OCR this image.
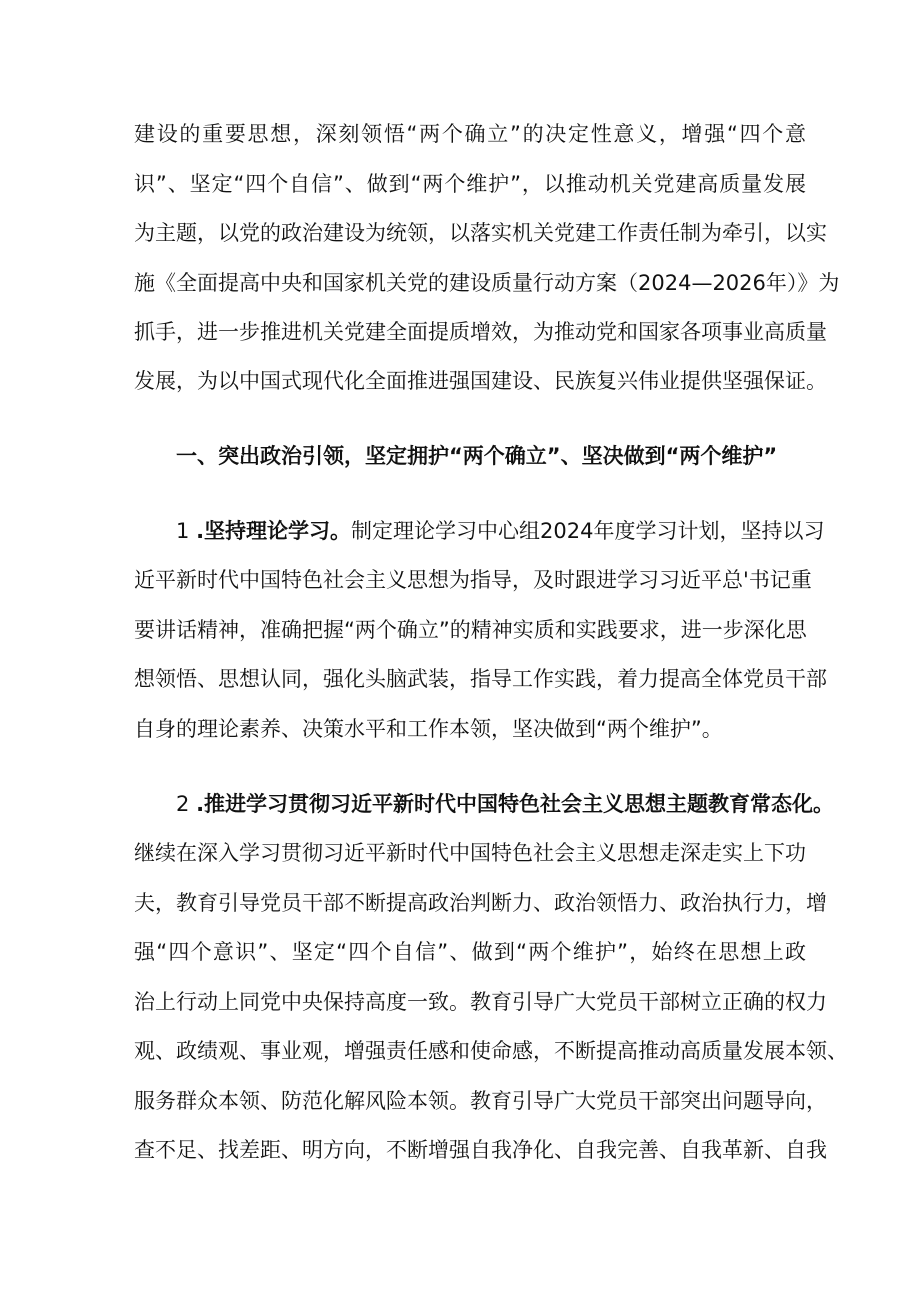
建设的重要思想，深刻领悟“两个确立”的决定性意义，增强“四个意
识”、坚定“四个自信”、做到“两个维护”，以推动机关党建高质量发展
为主题，以党的政治建设为统领，以落实机关党建工作责任制为牵引，以实
施《全面提高中央和国家机关党的建设质量行动方案（2024—2026年）》为
抓手，进一步推进机关党建全面提质增效，为推动党和国家各项事业高质量
发展，为以中国式现代化全面推进强国建设、民族复兴伟业提供坚强保证。
一、突出政治引领，坚定拥护“两个确立”、坚决做到“两个维护”
1 .坚持理论学习。制定理论学习中心组2024年度学习计划，坚持以习
近平新时代中国特色社会主义思想为指导，及时跟进学习习近平总'书记重
要讲话精神，准确把握“两个确立”的精神实质和实践要求，进一步深化思
想领悟、思想认同，强化头脑武装，指导工作实践，着力提高全体党员干部
自身的理论素养、决策水平和工作本领，坚决做到“两个维护”。
2 .推进学习贯彻习近平新时代中国特色社会主义思想主题教育常态化。
继续在深入学习贯彻习近平新时代中国特色社会主义思想走深走实上下功
夫，教育引导党员干部不断提高政治判断力、政治领悟力、政治执行力，增
强“四个意识”、坚定“四个自信”、做到“两个维护”，始终在思想上政
治上行动上同党中央保持高度一致。教育引导广大党员干部树立正确的权力
观、政绩观、事业观，增强责任感和使命感，不断提高推动高质量发展本领、
服务群众本领、防范化解风险本领。教育引导广大党员干部突出问题导向，
查不足、找差距、明方向，不断增强自我净化、自我完善、自我革新、自我
